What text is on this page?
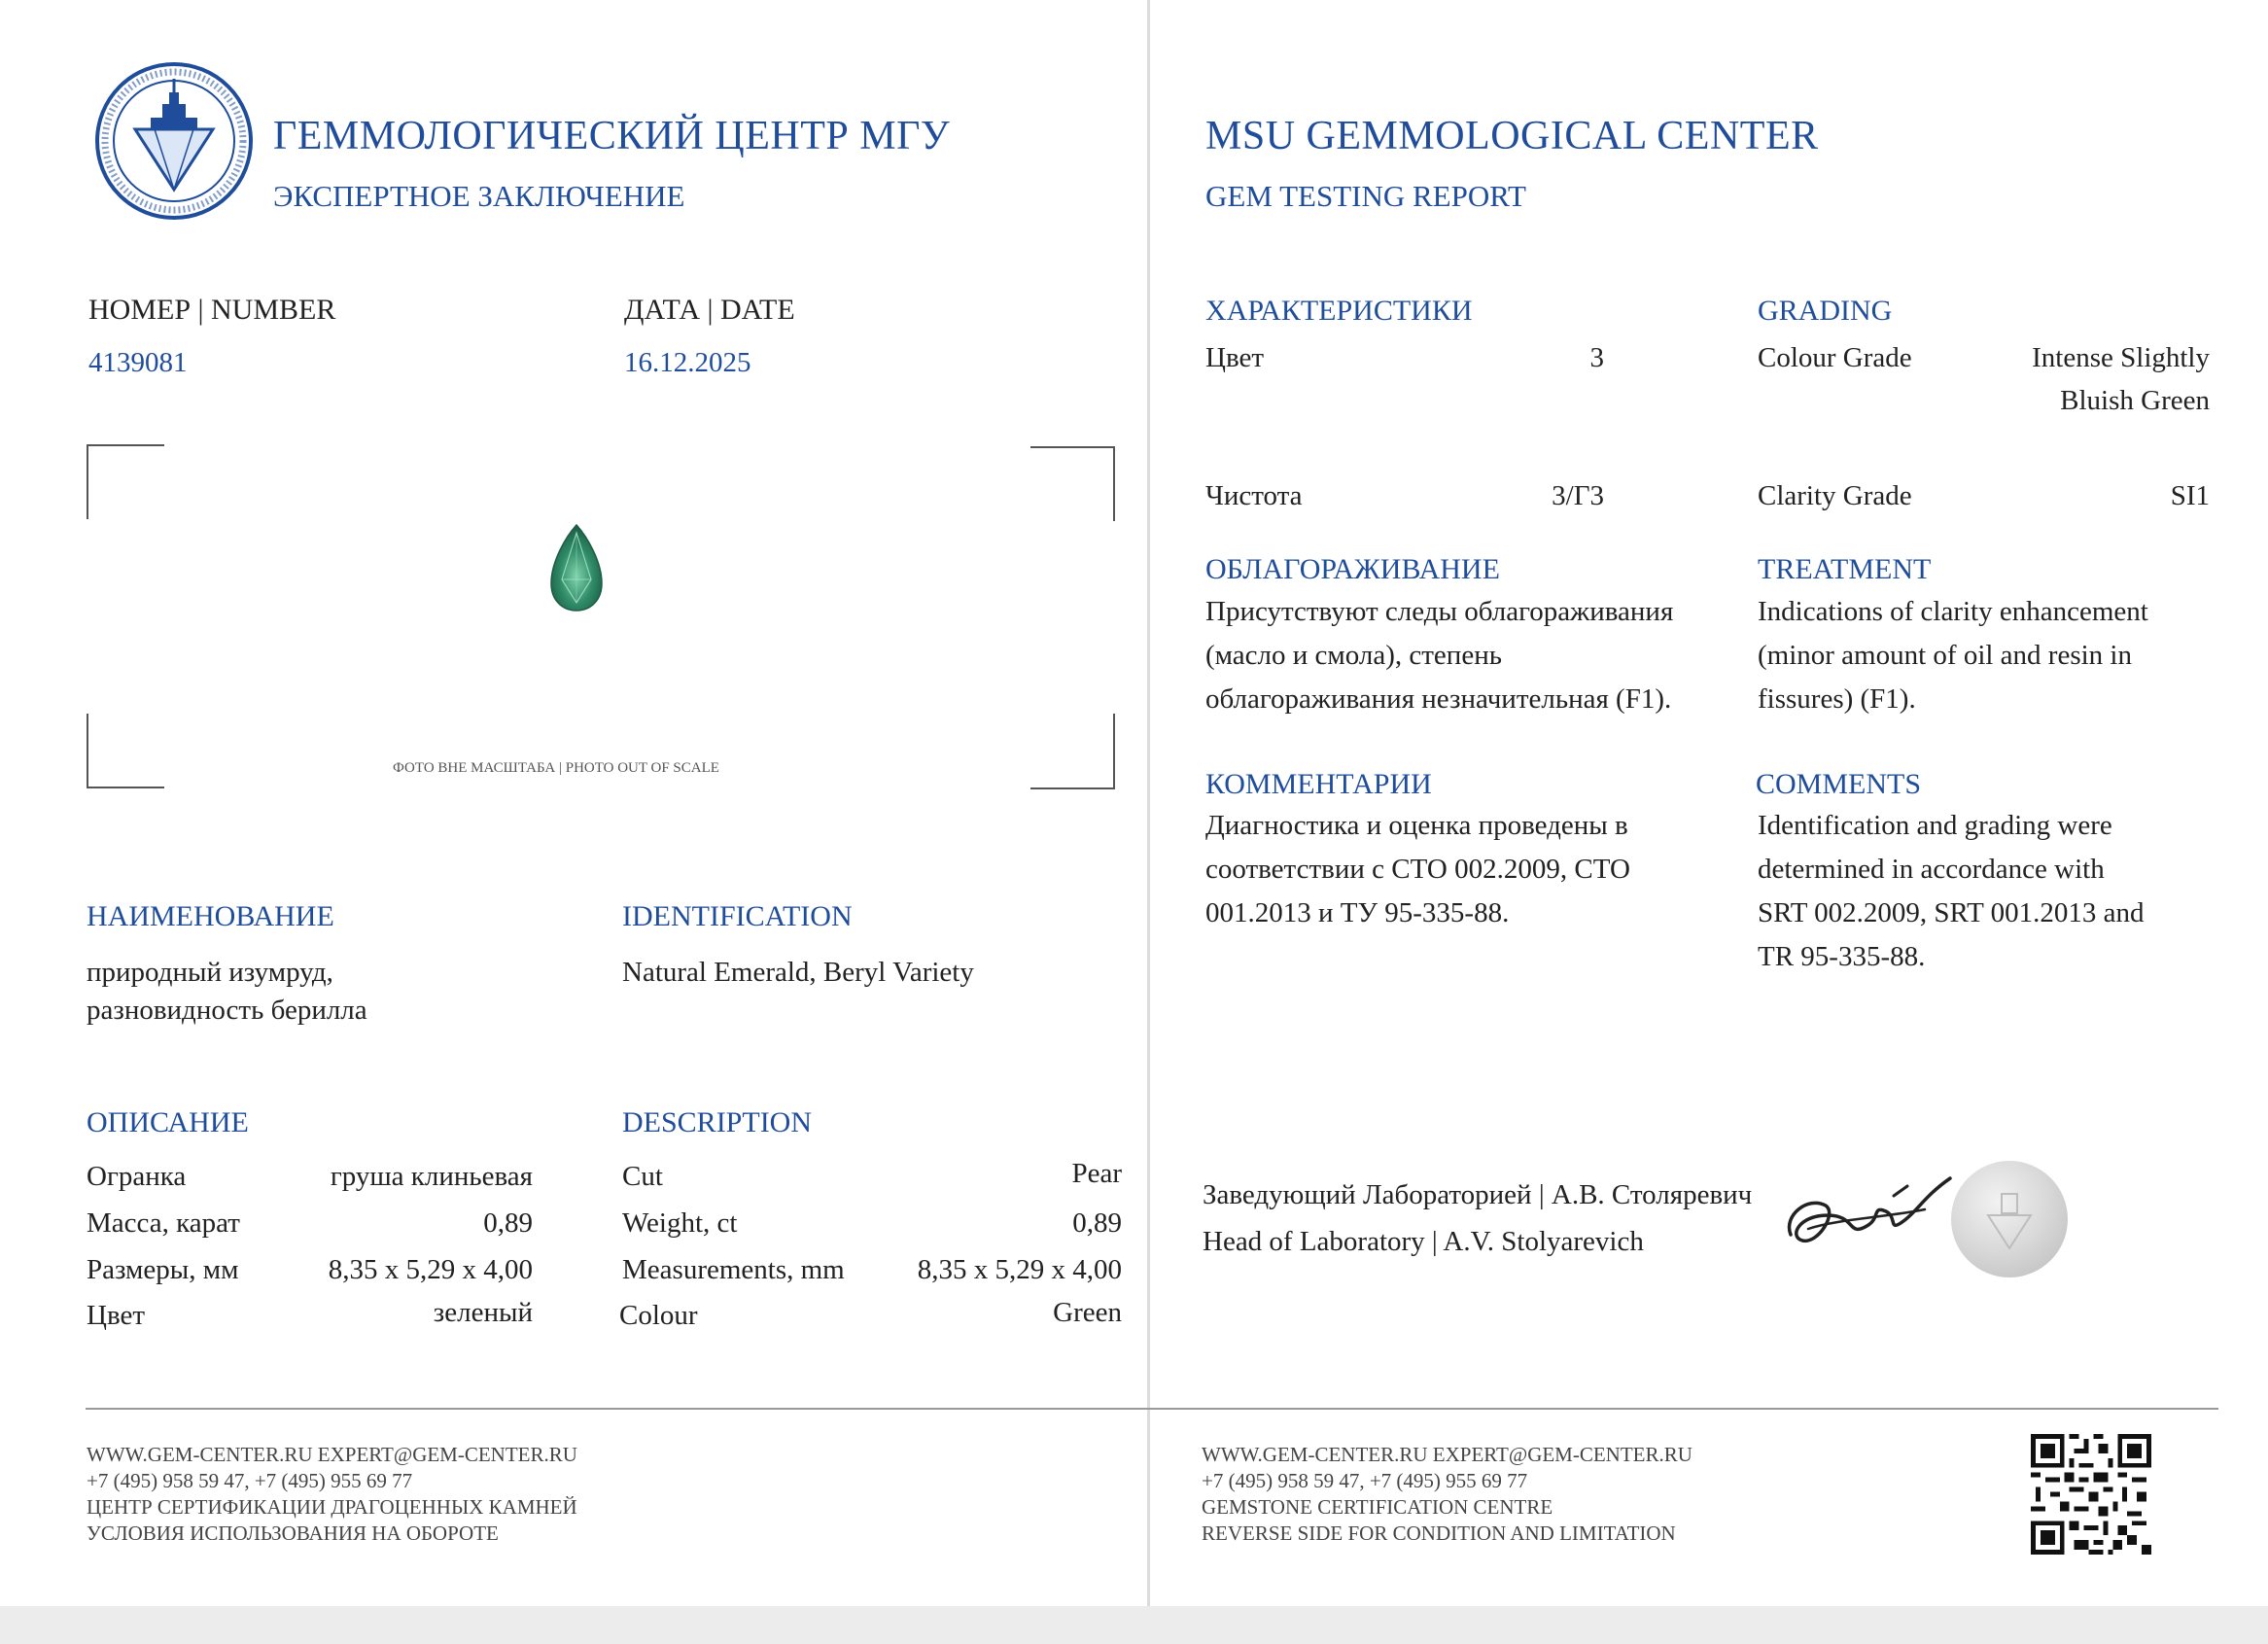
ГЕММОЛОГИЧЕСКИЙ ЦЕНТР МГУ
ЭКСПЕРТНОЕ ЗАКЛЮЧЕНИЕ
НОМЕР | NUMBER
4139081
ДАТА | DATE
16.12.2025
ФОТО ВНЕ МАСШТАБА | PHOTO OUT OF SCALE
НАИМЕНОВАНИЕ
природный изумруд,
разновидность берилла
IDENTIFICATION
Natural Emerald, Beryl Variety
ОПИСАНИЕ	DESCRIPTION
Огранка	груша клиньевая
Масса, карат	0,89
Размеры, мм	8,35 x 5,29 x 4,00
Цвет	зеленый
Cut	Pear
Weight, ct	0,89
Measurements, mm	8,35 x 5,29 x 4,00
Colour	Green
WWW.GEM-CENTER.RU EXPERT@GEM-CENTER.RU
+7 (495) 958 59 47, +7 (495) 955 69 77
ЦЕНТР СЕРТИФИКАЦИИ ДРАГОЦЕННЫХ КАМНЕЙ
УСЛОВИЯ ИСПОЛЬЗОВАНИЯ НА ОБОРОТЕ
MSU GEMMOLOGICAL CENTER
GEM TESTING REPORT
ХАРАКТЕРИСТИКИ	GRADING
Цвет	3	Colour Grade	Intense Slightly
Bluish Green
Чистота	3/Г3	Clarity Grade	SI1
ОБЛАГОРАЖИВАНИЕ
Присутствуют следы облагораживания
(масло и смола), степень
облагораживания незначительная (F1).
TREATMENT
Indications of clarity enhancement
(minor amount of oil and resin in
fissures) (F1).
КОММЕНТАРИИ
Диагностика и оценка проведены в
соответствии с СТО 002.2009, СТО
001.2013 и ТУ 95-335-88.
COMMENTS
Identification and grading were
determined in accordance with
SRT 002.2009, SRT 001.2013 and
TR 95-335-88.
Заведующий Лабораторией | А.В. Столяревич
Head of Laboratory | A.V. Stolyarevich
WWW.GEM-CENTER.RU EXPERT@GEM-CENTER.RU
+7 (495) 958 59 47, +7 (495) 955 69 77
GEMSTONE CERTIFICATION CENTRE
REVERSE SIDE FOR CONDITION AND LIMITATION
